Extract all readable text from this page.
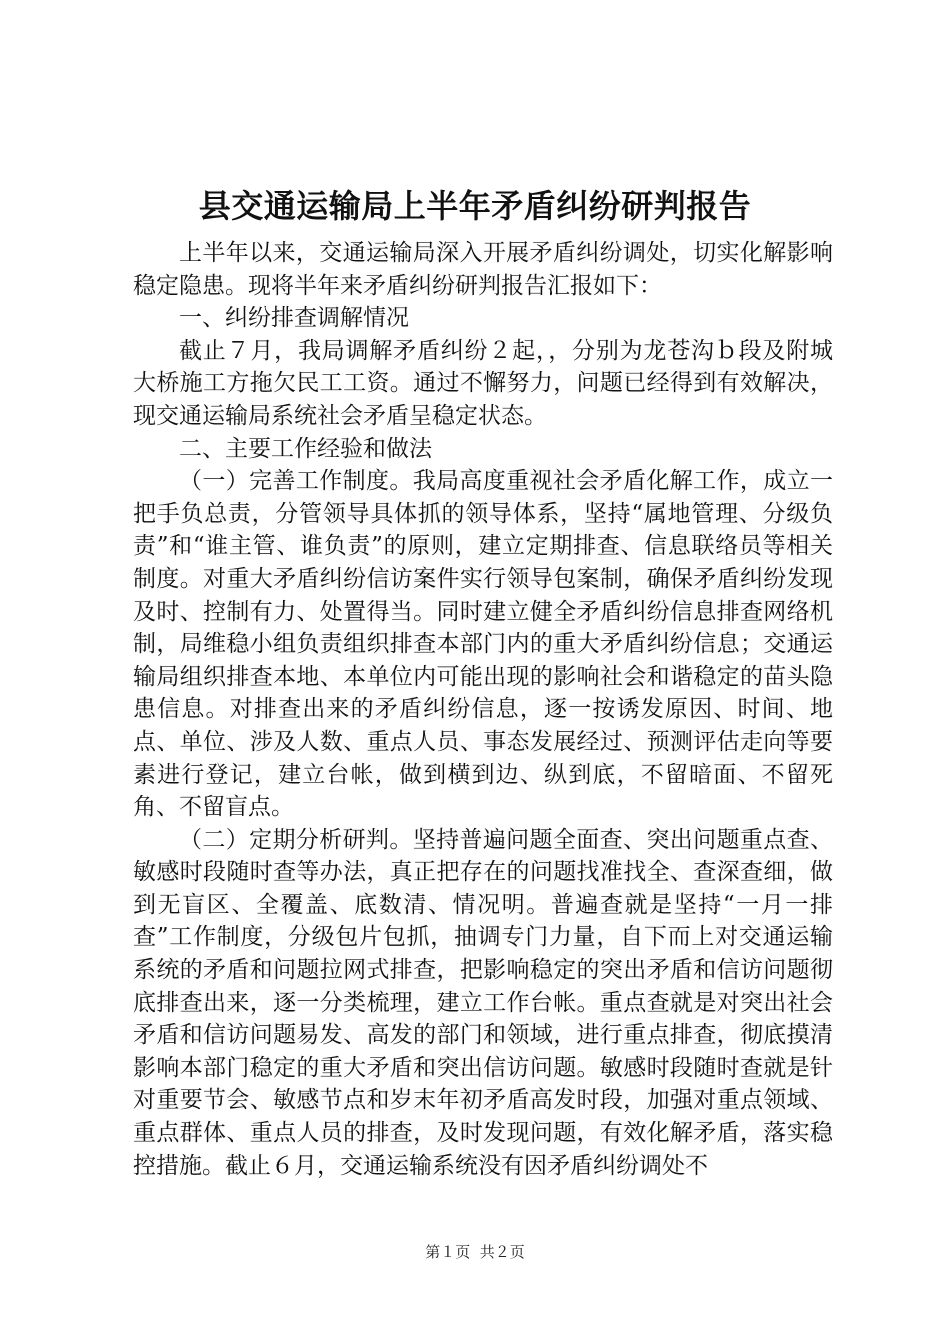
县交通运输局上半年矛盾纠纷研判报告

上半年以来，交通运输局深入开展矛盾纠纷调处，切实化解影响稳定隐患。现将半年来矛盾纠纷研判报告汇报如下：

一、纠纷排查调解情况

截止７月，我局调解矛盾纠纷２起，，分别为龙苍沟ｂ段及附城大桥施工方拖欠民工工资。通过不懈努力，问题已经得到有效解决，现交通运输局系统社会矛盾呈稳定状态。

二、主要工作经验和做法

（一）完善工作制度。我局高度重视社会矛盾化解工作，成立一把手负总责，分管领导具体抓的领导体系，坚持“属地管理、分级负责”和“谁主管、谁负责”的原则，建立定期排查、信息联络员等相关制度。对重大矛盾纠纷信访案件实行领导包案制，确保矛盾纠纷发现及时、控制有力、处置得当。同时建立健全矛盾纠纷信息排查网络机制，局维稳小组负责组织排查本部门内的重大矛盾纠纷信息；交通运输局组织排查本地、本单位内可能出现的影响社会和谐稳定的苗头隐患信息。对排查出来的矛盾纠纷信息，逐一按诱发原因、时间、地点、单位、涉及人数、重点人员、事态发展经过、预测评估走向等要素进行登记，建立台帐，做到横到边、纵到底，不留暗面、不留死角、不留盲点。

（二）定期分析研判。坚持普遍问题全面查、突出问题重点查、敏感时段随时查等办法，真正把存在的问题找准找全、查深查细，做到无盲区、全覆盖、底数清、情况明。普遍查就是坚持“一月一排查”工作制度，分级包片包抓，抽调专门力量，自下而上对交通运输系统的矛盾和问题拉网式排查，把影响稳定的突出矛盾和信访问题彻底排查出来，逐一分类梳理，建立工作台帐。重点查就是对突出社会矛盾和信访问题易发、高发的部门和领域，进行重点排查，彻底摸清影响本部门稳定的重大矛盾和突出信访问题。敏感时段随时查就是针对重要节会、敏感节点和岁末年初矛盾高发时段，加强对重点领域、重点群体、重点人员的排查，及时发现问题，有效化解矛盾，落实稳控措施。截止６月，交通运输系统没有因矛盾纠纷调处不

第１页  共２页
